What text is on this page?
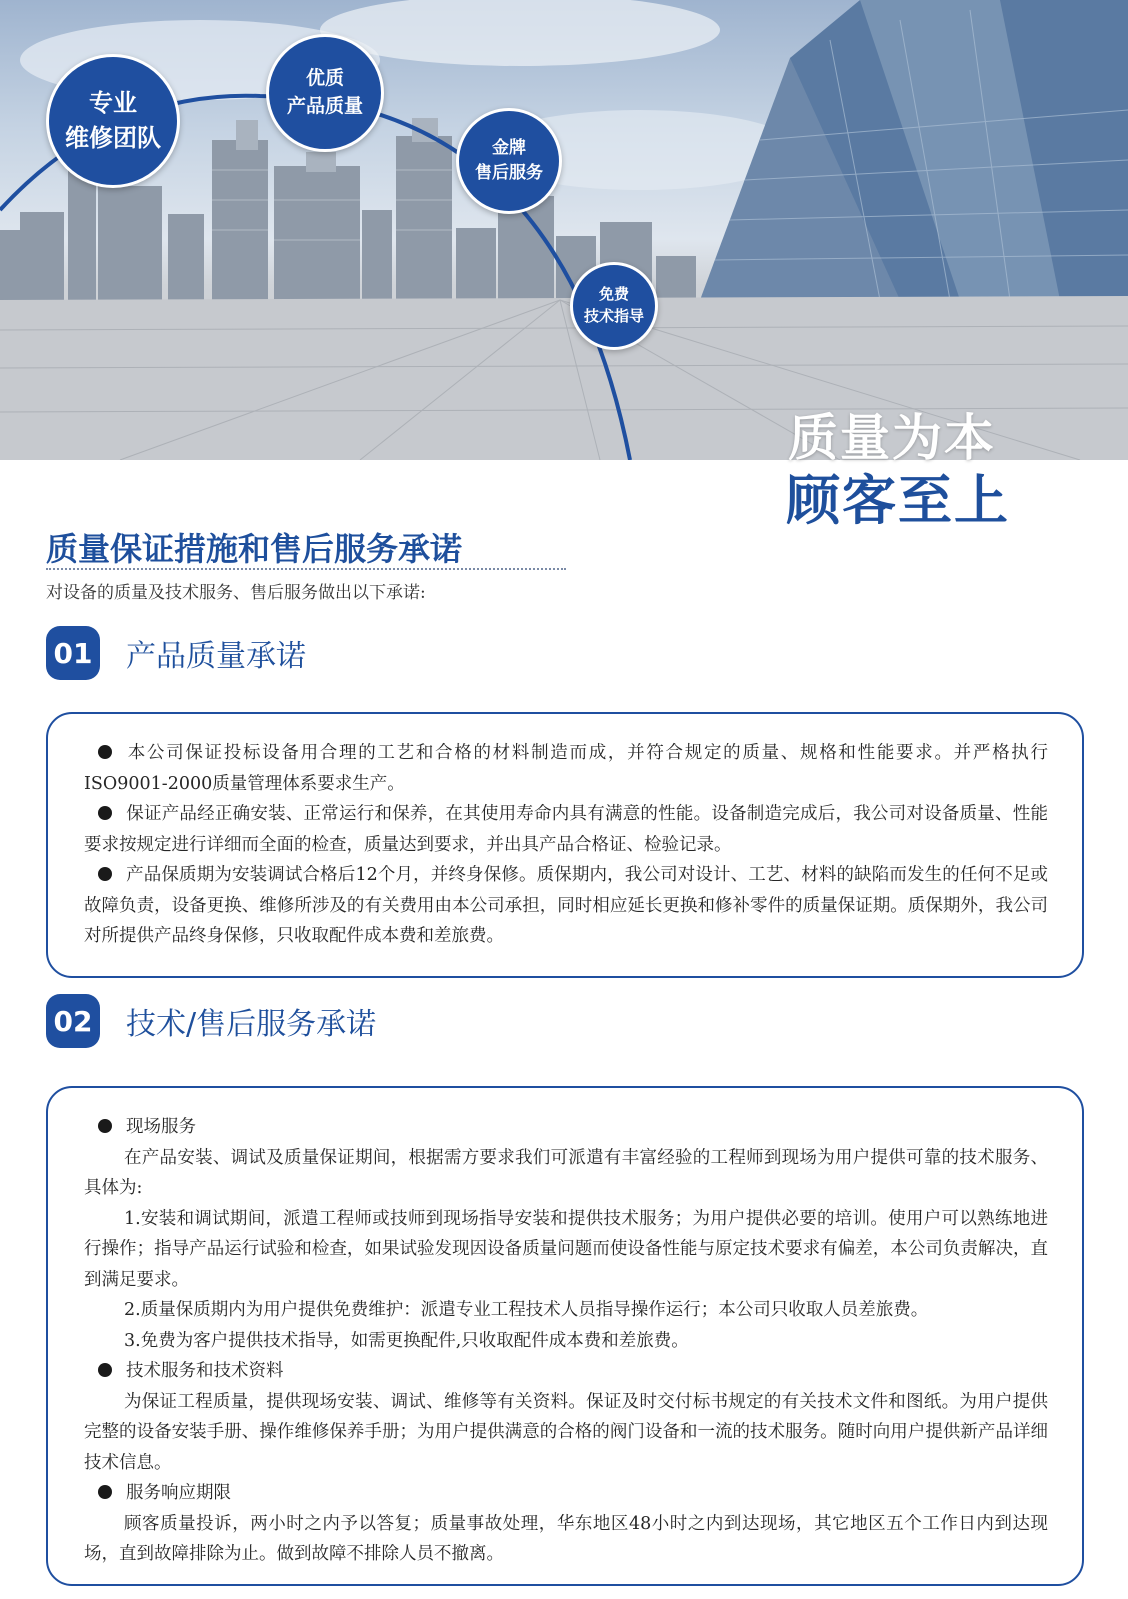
专业
维修团队
优质
产品质量
金牌
售后服务
免费
技术指导
质量为本
顾客至上
质量保证措施和售后服务承诺
对设备的质量及技术服务、售后服务做出以下承诺:
01 产品质量承诺

本公司保证投标设备用合理的工艺和合格的材料制造而成，并符合规定的质量、规格和性能要求。并严格执行ISO9001-2000质量管理体系要求生产。

保证产品经正确安装、正常运行和保养，在其使用寿命内具有满意的性能。设备制造完成后，我公司对设备质量、性能要求按规定进行详细而全面的检查，质量达到要求，并出具产品合格证、检验记录。

产品保质期为安装调试合格后12个月，并终身保修。质保期内，我公司对设计、工艺、材料的缺陷而发生的任何不足或故障负责，设备更换、维修所涉及的有关费用由本公司承担，同时相应延长更换和修补零件的质量保证期。质保期外，我公司对所提供产品终身保修，只收取配件成本费和差旅费。

02 技术/售后服务承诺

现场服务

在产品安装、调试及质量保证期间，根据需方要求我们可派遣有丰富经验的工程师到现场为用户提供可靠的技术服务、具体为:

1.安装和调试期间，派遣工程师或技师到现场指导安装和提供技术服务；为用户提供必要的培训。使用户可以熟练地进行操作；指导产品运行试验和检查，如果试验发现因设备质量问题而使设备性能与原定技术要求有偏差，本公司负责解决，直到满足要求。

2.质量保质期内为用户提供免费维护：派遣专业工程技术人员指导操作运行；本公司只收取人员差旅费。

3.免费为客户提供技术指导，如需更换配件,只收取配件成本费和差旅费。

技术服务和技术资料

为保证工程质量，提供现场安装、调试、维修等有关资料。保证及时交付标书规定的有关技术文件和图纸。为用户提供完整的设备安装手册、操作维修保养手册；为用户提供满意的合格的阀门设备和一流的技术服务。随时向用户提供新产品详细技术信息。

服务响应期限

顾客质量投诉，两小时之内予以答复；质量事故处理，华东地区48小时之内到达现场，其它地区五个工作日内到达现场，直到故障排除为止。做到故障不排除人员不撤离。
